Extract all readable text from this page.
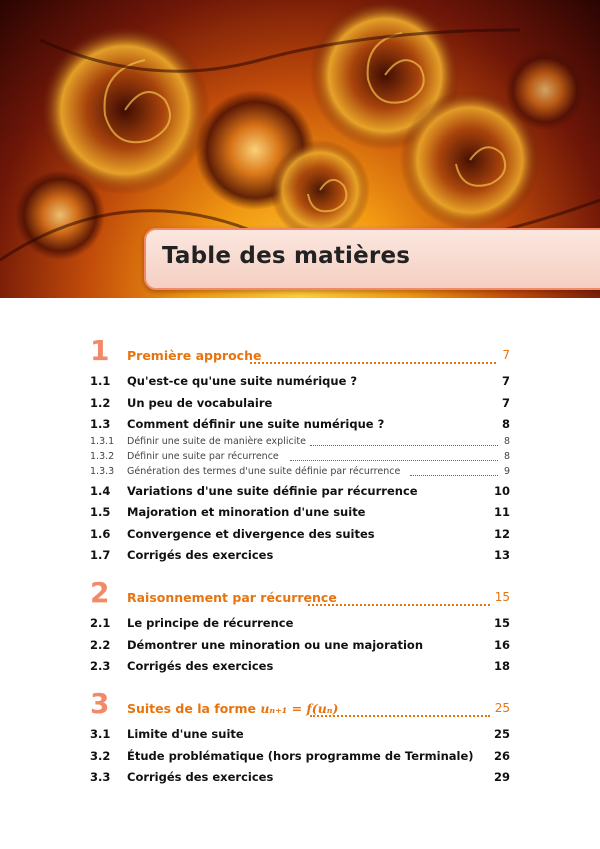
Table des matières
1 Première approche	7
1.1 Qu'est-ce qu'une suite numérique ?	7
1.2 Un peu de vocabulaire	7
1.3 Comment définir une suite numérique ?	8
1.3.1 Définir une suite de manière explicite	8
1.3.2 Définir une suite par récurrence	8
1.3.3 Génération des termes d'une suite définie par récurrence	9
1.4 Variations d'une suite définie par récurrence	10
1.5 Majoration et minoration d'une suite	11
1.6 Convergence et divergence des suites	12
1.7 Corrigés des exercices	13
2 Raisonnement par récurrence	15
2.1 Le principe de récurrence	15
2.2 Démontrer une minoration ou une majoration	16
2.3 Corrigés des exercices	18
3 Suites de la forme uₙ₊₁ = f(uₙ)	25
3.1 Limite d'une suite	25
3.2 Étude problématique (hors programme de Terminale) 26
3.3 Corrigés des exercices	29
